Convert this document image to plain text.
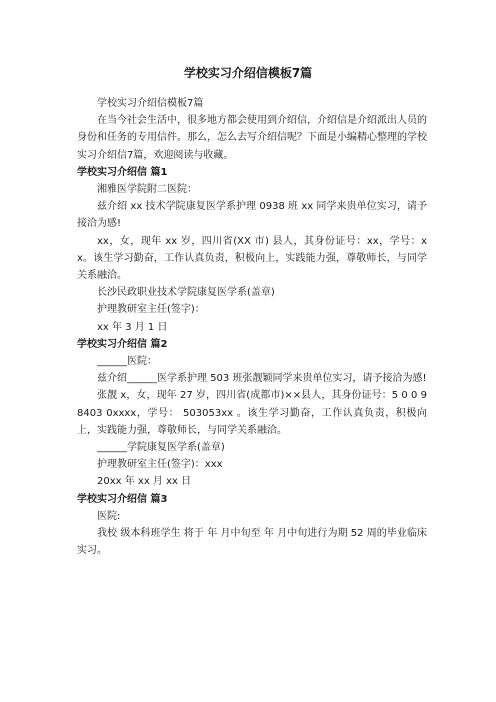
学校实习介绍信模板7篇

学校实习介绍信模板7篇

在当今社会生活中，很多地方都会使用到介绍信，介绍信是介绍派出人员的身份和任务的专用信件。那么，怎么去写介绍信呢？下面是小编精心整理的学校实习介绍信7篇，欢迎阅读与收藏。

学校实习介绍信 篇1

湘雅医学院附二医院：

兹介绍 xx 技术学院康复医学系护理 0938 班 xx 同学来贵单位实习，请予接洽为感!

xx，女，现年 xx 岁，四川省(XX 市) 县人，其身份证号：xx，学号：xx。该生学习勤奋，工作认真负责，积极向上，实践能力强，尊敬师长，与同学关系融洽。

长沙民政职业技术学院康复医学系(盖章)

护理教研室主任(签字)：

xx 年 3 月 1 日

学校实习介绍信 篇2

______医院：

兹介绍______医学系护理 503 班张靓颖同学来贵单位实习，请予接洽为感!

张靓 x，女，现年 27 岁，四川省(成都市)××县人，其身份证号：5 0 0 98403 0xxxx，学号： 503053xx 。该生学习勤奋，工作认真负责，积极向上，实践能力强，尊敬师长，与同学关系融洽。

______学院康复医学系(盖章)

护理教研室主任(签字)：xxx

20xx 年 xx 月 xx 日

学校实习介绍信 篇3

医院:

我校 级本科班学生 将于 年 月中旬至 年 月中旬进行为期 52 周的毕业临床实习。
